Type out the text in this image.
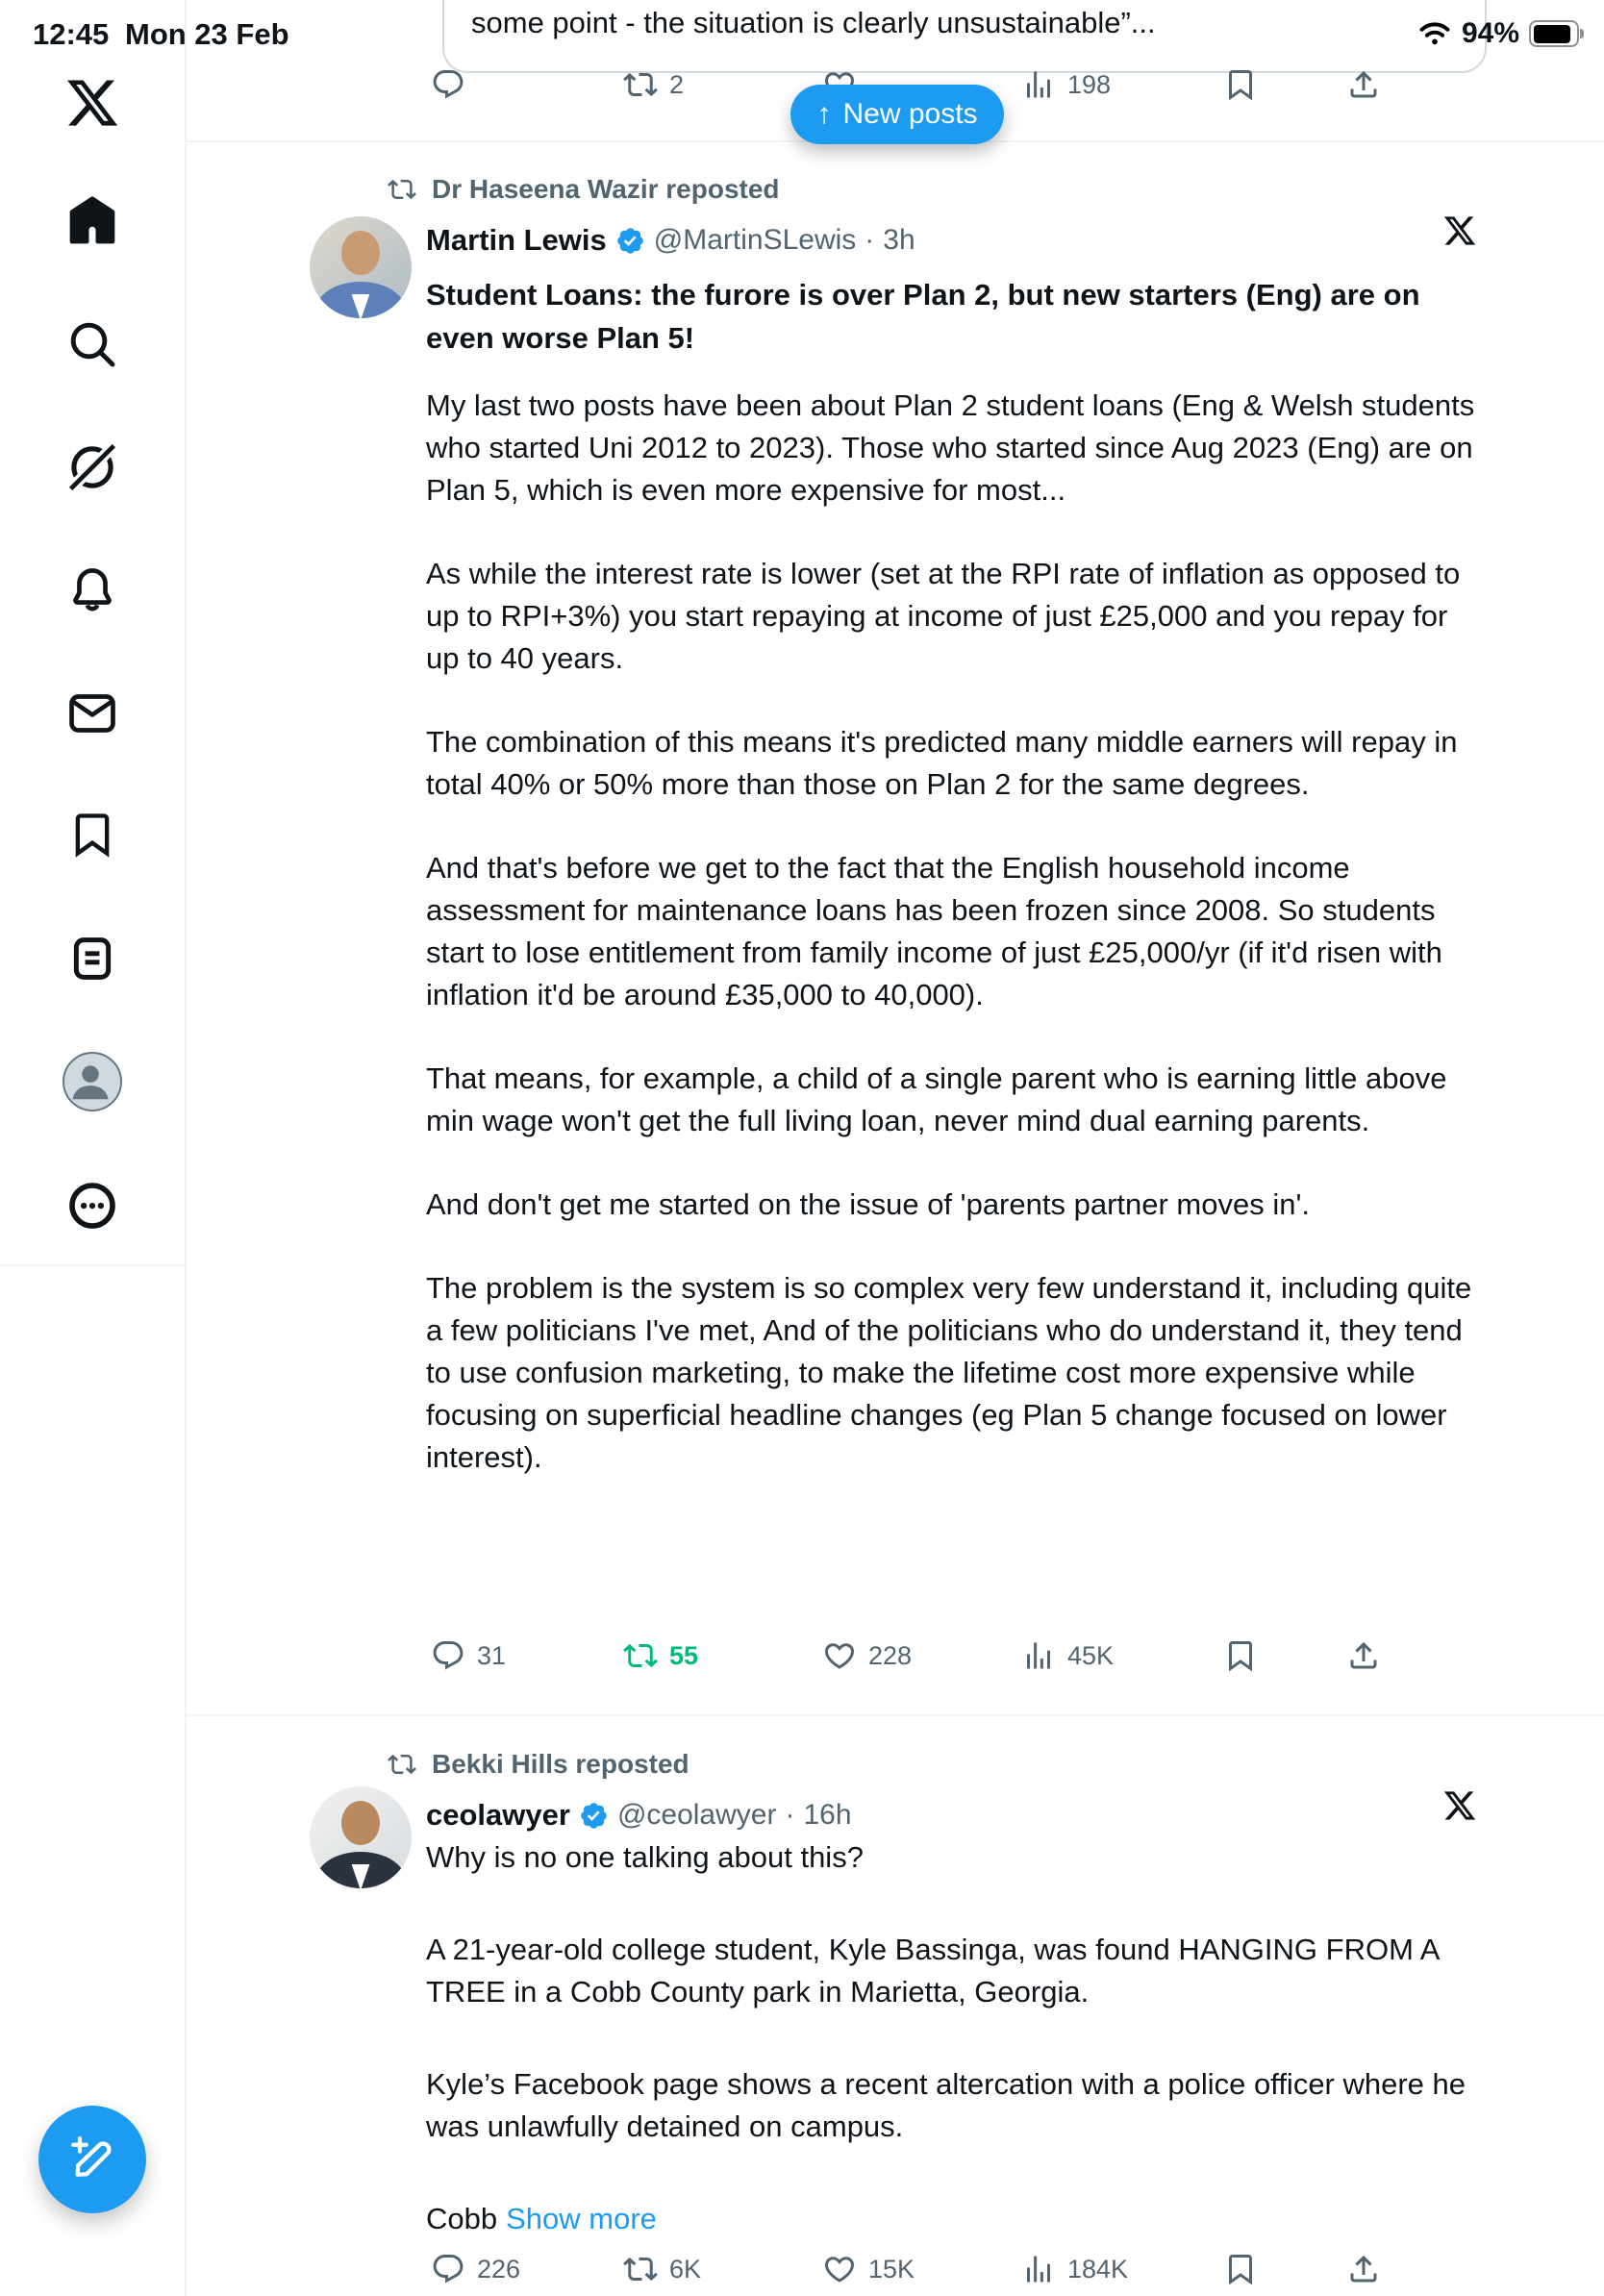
some point - the situation is clearly unsustainable”...
2	198
↑ New posts
Dr Haseena Wazir reposted
Martin Lewis @MartinSLewis · 3h

Student Loans: the furore is over Plan 2, but new starters (Eng) are on even worse Plan 5!

My last two posts have been about Plan 2 student loans (Eng & Welsh students who started Uni 2012 to 2023). Those who started since Aug 2023 (Eng) are on Plan 5, which is even more expensive for most...

As while the interest rate is lower (set at the RPI rate of inflation as opposed to up to RPI+3%) you start repaying at income of just £25,000 and you repay for up to 40 years.

The combination of this means it's predicted many middle earners will repay in total 40% or 50% more than those on Plan 2 for the same degrees.

And that's before we get to the fact that the English household income assessment for maintenance loans has been frozen since 2008. So students start to lose entitlement from family income of just £25,000/yr (if it'd risen with inflation it'd be around £35,000 to 40,000).

That means, for example, a child of a single parent who is earning little above min wage won't get the full living loan, never mind dual earning parents.

And don't get me started on the issue of 'parents partner moves in'.

The problem is the system is so complex very few understand it, including quite a few politicians I've met, And of the politicians who do understand it, they tend to use confusion marketing, to make the lifetime cost more expensive while focusing on superficial headline changes (eg Plan 5 change focused on lower interest).

31	55	228	45K
Bekki Hills reposted
ceolawyer @ceolawyer · 16h

Why is no one talking about this?

A 21-year-old college student, Kyle Bassinga, was found HANGING FROM A TREE in a Cobb County park in Marietta, Georgia.

Kyle’s Facebook page shows a recent altercation with a police officer where he was unlawfully detained on campus.

Cobb Show more

226	6K	15K	184K
12:45 Mon 23 Feb	94%
